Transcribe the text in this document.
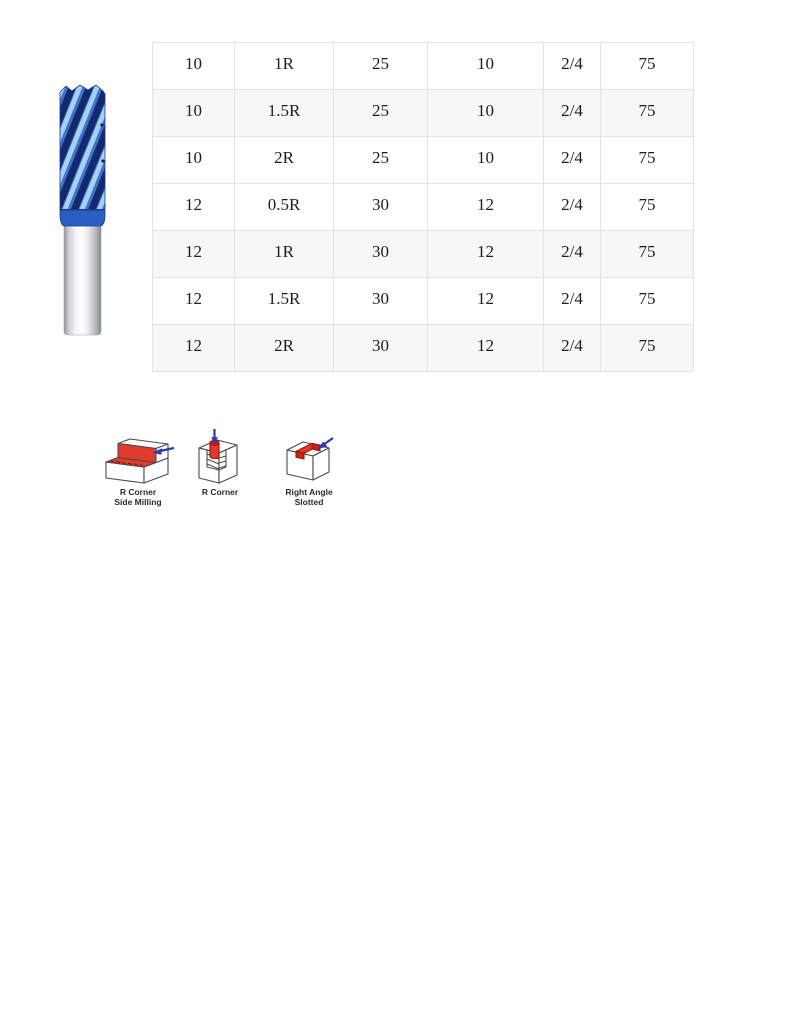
10	1R	25	10	2/4	75
10	1.5R	25	10	2/4	75
10	2R	25	10	2/4	75
12	0.5R	30	12	2/4	75
12	1R	30	12	2/4	75
12	1.5R	30	12	2/4	75
12	2R	30	12	2/4	75
R Corner
Side Milling
R Corner	Right Angle
Slotted
